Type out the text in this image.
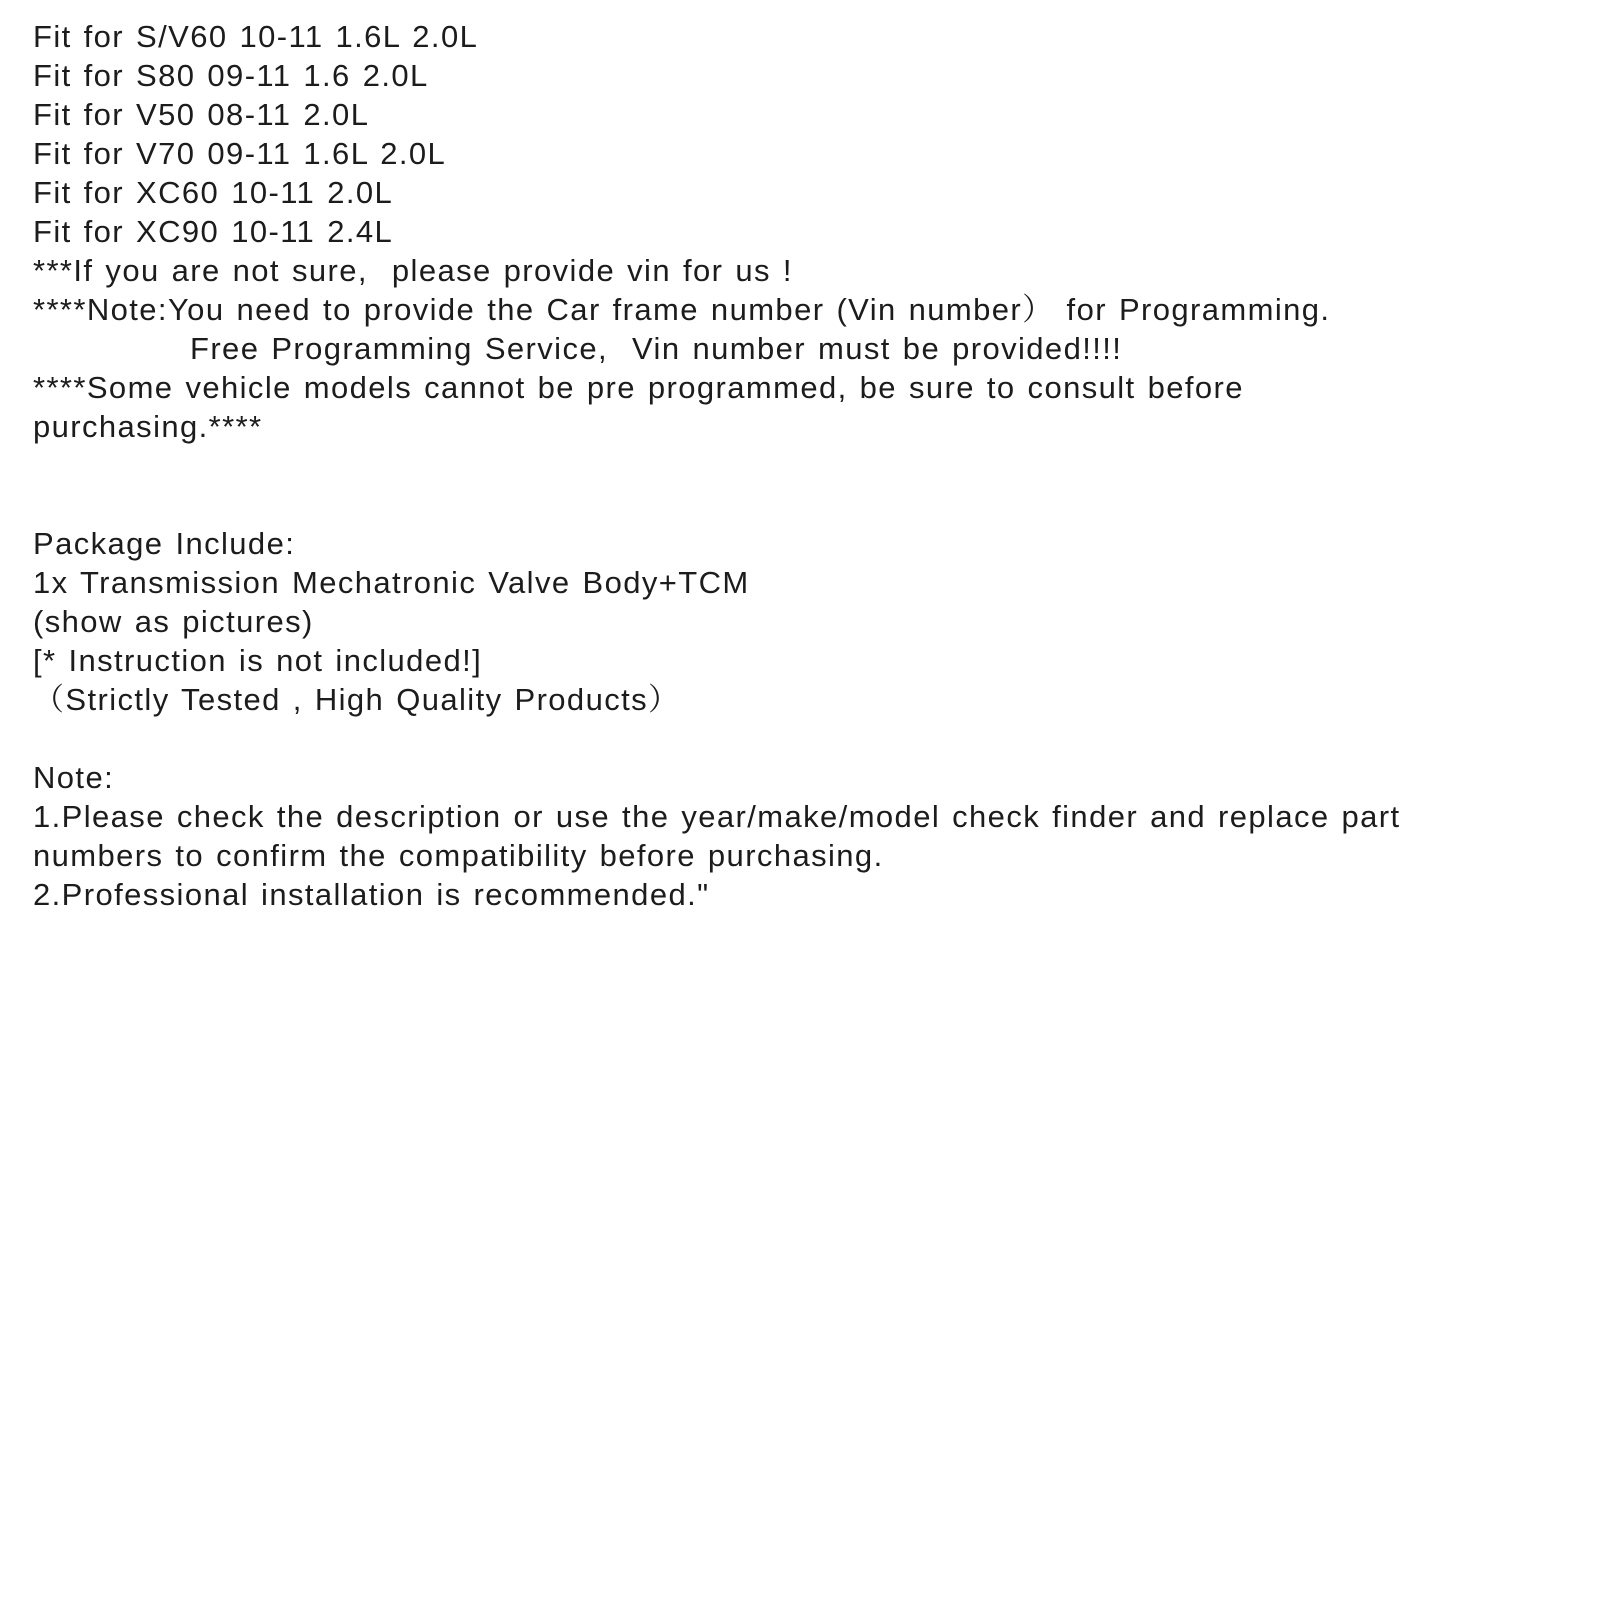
Fit for S/V60 10-11 1.6L 2.0L
Fit for S80 09-11 1.6 2.0L
Fit for V50 08-11 2.0L
Fit for V70 09-11 1.6L 2.0L
Fit for XC60 10-11 2.0L
Fit for XC90 10-11 2.4L
***If you are not sure,  please provide vin for us !
****Note:You need to provide the Car frame number (Vin number） for Programming.
Free Programming Service,  Vin number must be provided!!!!
****Some vehicle models cannot be pre programmed, be sure to consult before
purchasing.****
Package Include:
1x Transmission Mechatronic Valve Body+TCM
(show as pictures)
[* Instruction is not included!]
（Strictly Tested , High Quality Products）
Note:
1.Please check the description or use the year/make/model check finder and replace part
numbers to confirm the compatibility before purchasing.
2.Professional installation is recommended."
